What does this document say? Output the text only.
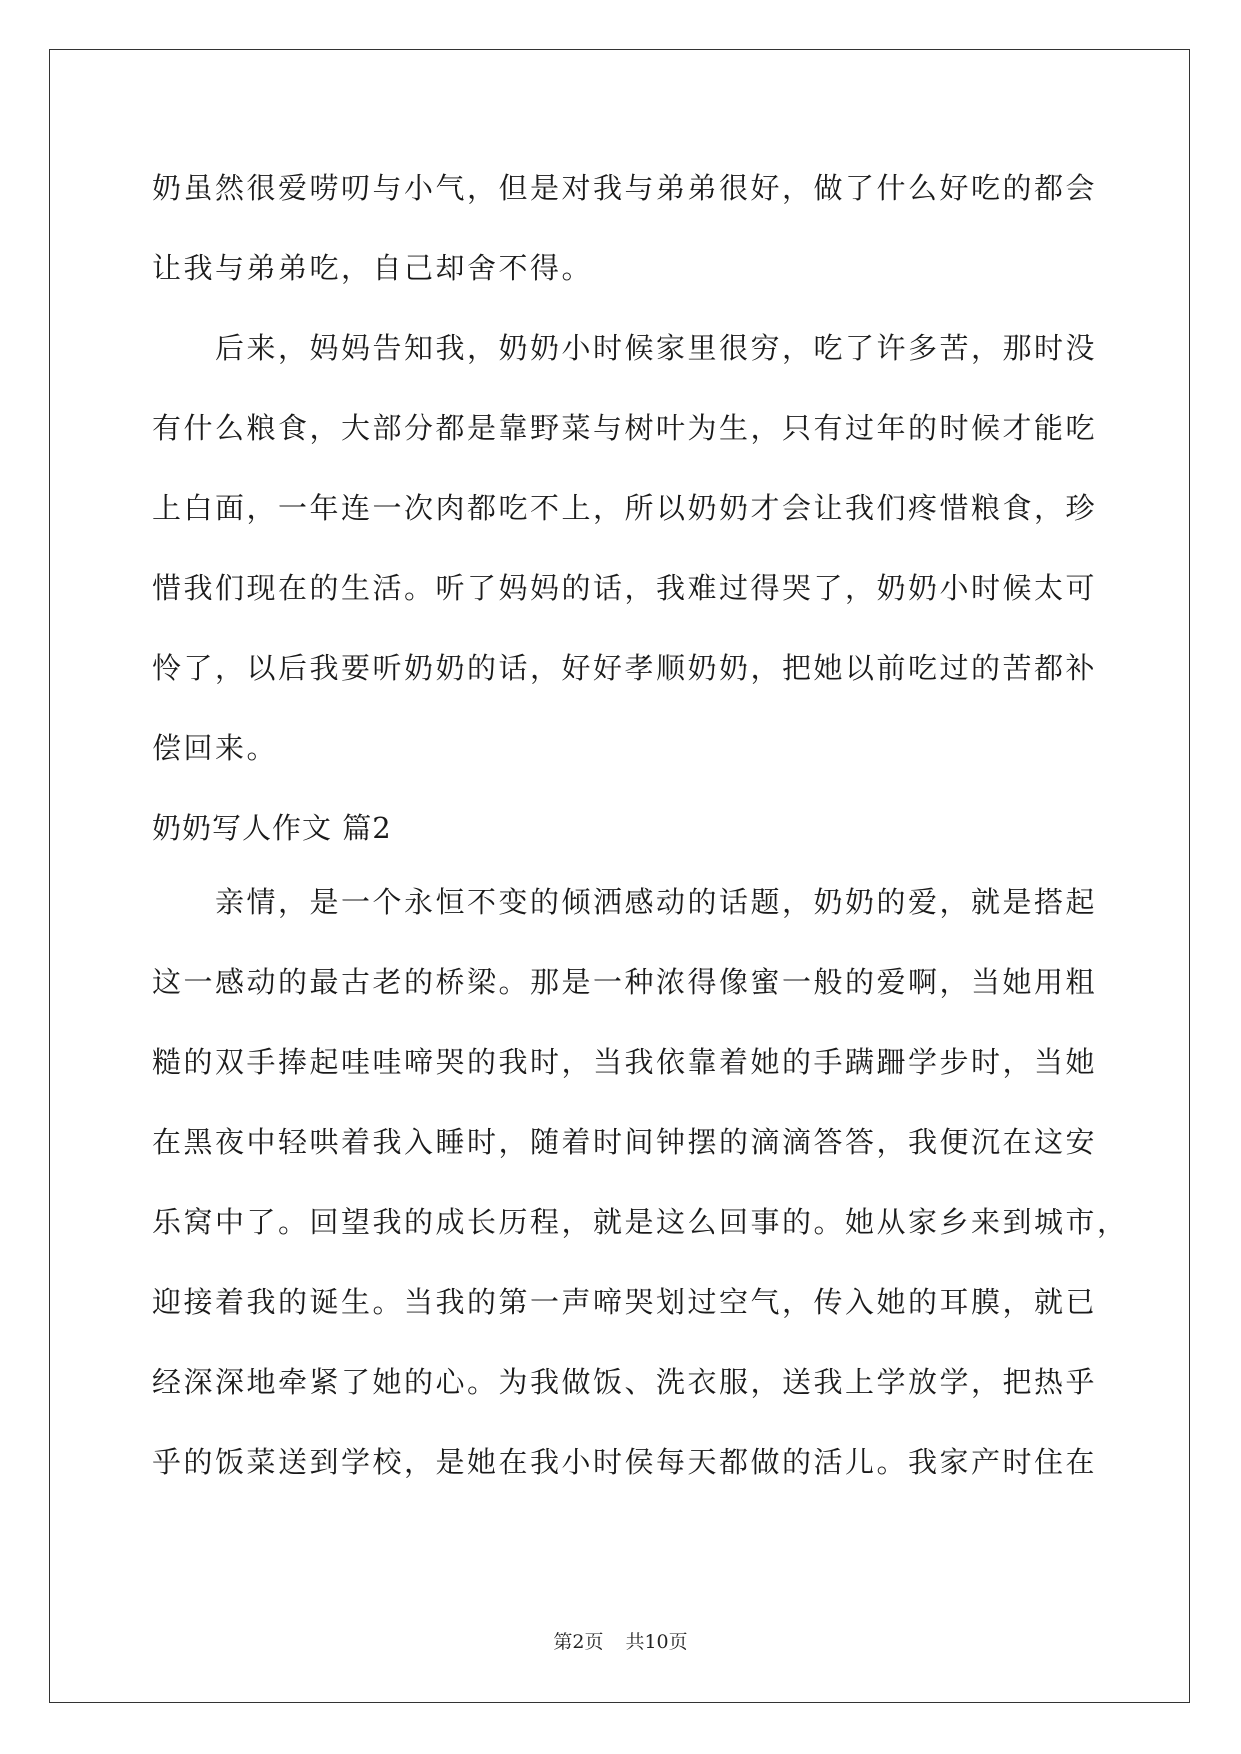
奶虽然很爱唠叨与小气，但是对我与弟弟很好，做了什么好吃的都会
让我与弟弟吃，自己却舍不得。
　　后来，妈妈告知我，奶奶小时候家里很穷，吃了许多苦，那时没
有什么粮食，大部分都是靠野菜与树叶为生，只有过年的时候才能吃
上白面，一年连一次肉都吃不上，所以奶奶才会让我们疼惜粮食，珍
惜我们现在的生活。听了妈妈的话，我难过得哭了，奶奶小时候太可
怜了，以后我要听奶奶的话，好好孝顺奶奶，把她以前吃过的苦都补
偿回来。
奶奶写人作文 篇2
　　亲情，是一个永恒不变的倾洒感动的话题，奶奶的爱，就是搭起
这一感动的最古老的桥梁。那是一种浓得像蜜一般的爱啊，当她用粗
糙的双手捧起哇哇啼哭的我时，当我依靠着她的手蹒跚学步时，当她
在黑夜中轻哄着我入睡时，随着时间钟摆的滴滴答答，我便沉在这安
乐窝中了。回望我的成长历程，就是这么回事的。她从家乡来到城市，
迎接着我的诞生。当我的第一声啼哭划过空气，传入她的耳膜，就已
经深深地牵紧了她的心。为我做饭、洗衣服，送我上学放学，把热乎
乎的饭菜送到学校，是她在我小时侯每天都做的活儿。我家产时住在
第2页 共10页
